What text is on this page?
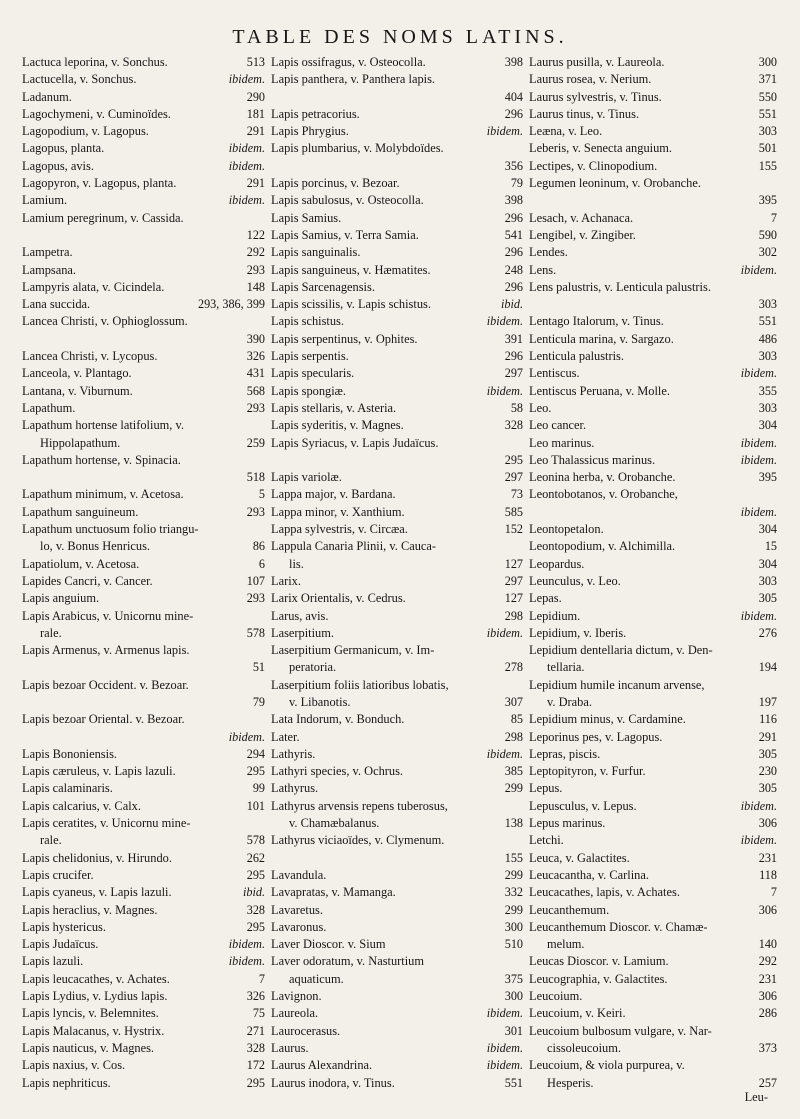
TABLE DES NOMS LATINS.
Lactuca leporina, v. Sonchus.	513
Lactucella, v. Sonchus.	ibidem.
Ladanum.	290
Lagochymeni, v. Cuminoïdes.	181
Lagopodium, v. Lagopus.	291
Lagopus, planta.	ibidem.
Lagopus, avis.	ibidem.
Lagopyron, v. Lagopus, planta.	291
Lamium.	ibidem.
Lamium peregrinum, v. Cassida.
122
Lampetra.	292
Lampsana.	293
Lampyris alata, v. Cicindela.	148
Lana succida.	293, 386, 399
Lancea Christi, v. Ophioglossum.
390
Lancea Christi, v. Lycopus.	326
Lanceola, v. Plantago.	431
Lantana, v. Viburnum.	568
Lapathum.	293
Lapathum hortense latifolium, v.
Hippolapathum.	259
Lapathum hortense, v. Spinacia.
518
Lapathum minimum, v. Acetosa.	5
Lapathum sanguineum.	293
Lapathum unctuosum folio triangu-
lo, v. Bonus Henricus.	86
Lapatiolum, v. Acetosa.	6
Lapides Cancri, v. Cancer.	107
Lapis anguium.	293
Lapis Arabicus, v. Unicornu mine-
rale.	578
Lapis Armenus, v. Armenus lapis.
51
Lapis bezoar Occident. v. Bezoar.
79
Lapis bezoar Oriental. v. Bezoar.
ibidem.
Lapis Bononiensis.	294
Lapis cæruleus, v. Lapis lazuli.	295
Lapis calaminaris.	99
Lapis calcarius, v. Calx.	101
Lapis ceratites, v. Unicornu mine-
rale.	578
Lapis chelidonius, v. Hirundo.	262
Lapis crucifer.	295
Lapis cyaneus, v. Lapis lazuli.	ibid.
Lapis heraclius, v. Magnes.	328
Lapis hystericus.	295
Lapis Judaïcus.	ibidem.
Lapis lazuli.	ibidem.
Lapis leucacathes, v. Achates.	7
Lapis Lydius, v. Lydius lapis.	326
Lapis lyncis, v. Belemnites.	75
Lapis Malacanus, v. Hystrix.	271
Lapis nauticus, v. Magnes.	328
Lapis naxius, v. Cos.	172
Lapis nephriticus.	295
Lapis ossifragus, v. Osteocolla.	398
Lapis panthera, v. Panthera lapis.
404
Lapis petracorius.	296
Lapis Phrygius.	ibidem.
Lapis plumbarius, v. Molybdoïdes.
356
Lapis porcinus, v. Bezoar.	79
Lapis sabulosus, v. Osteocolla.	398
Lapis Samius.	296
Lapis Samius, v. Terra Samia.	541
Lapis sanguinalis.	296
Lapis sanguineus, v. Hæmatites.	248
Lapis Sarcenagensis.	296
Lapis scissilis, v. Lapis schistus.	ibid.
Lapis schistus.	ibidem.
Lapis serpentinus, v. Ophites.	391
Lapis serpentis.	296
Lapis specularis.	297
Lapis spongiæ.	ibidem.
Lapis stellaris, v. Asteria.	58
Lapis syderitis, v. Magnes.	328
Lapis Syriacus, v. Lapis Judaïcus.
295
Lapis variolæ.	297
Lappa major, v. Bardana.	73
Lappa minor, v. Xanthium.	585
Lappa sylvestris, v. Circæa.	152
Lappula Canaria Plinii, v. Cauca-
lis.	127
Larix.	297
Larix Orientalis, v. Cedrus.	127
Larus, avis.	298
Laserpitium.	ibidem.
Laserpitium Germanicum, v. Im-
peratoria.	278
Laserpitium foliis latioribus lobatis,
v. Libanotis.	307
Lata Indorum, v. Bonduch.	85
Later.	298
Lathyris.	ibidem.
Lathyri species, v. Ochrus.	385
Lathyrus.	299
Lathyrus arvensis repens tuberosus,
v. Chamæbalanus.	138
Lathyrus viciaoïdes, v. Clymenum.
155
Lavandula.	299
Lavapratas, v. Mamanga.	332
Lavaretus.	299
Lavaronus.	300
Laver Dioscor. v. Sium	510
Laver odoratum, v. Nasturtium
aquaticum.	375
Lavignon.	300
Laureola.	ibidem.
Laurocerasus.	301
Laurus.	ibidem.
Laurus Alexandrina.	ibidem.
Laurus inodora, v. Tinus.	551
Laurus pusilla, v. Laureola.	300
Laurus rosea, v. Nerium.	371
Laurus sylvestris, v. Tinus.	550
Laurus tinus, v. Tinus.	551
Leæna, v. Leo.	303
Leberis, v. Senecta anguium.	501
Lectipes, v. Clinopodium.	155
Legumen leoninum, v. Orobanche.
395
Lesach, v. Achanaca.	7
Lengibel, v. Zingiber.	590
Lendes.	302
Lens.	ibidem.
Lens palustris, v. Lenticula palustris.
303
Lentago Italorum, v. Tinus.	551
Lenticula marina, v. Sargazo.	486
Lenticula palustris.	303
Lentiscus.	ibidem.
Lentiscus Peruana, v. Molle.	355
Leo.	303
Leo cancer.	304
Leo marinus.	ibidem.
Leo Thalassicus marinus.	ibidem.
Leonina herba, v. Orobanche.	395
Leontobotanos, v. Orobanche,
ibidem.
Leontopetalon.	304
Leontopodium, v. Alchimilla.	15
Leopardus.	304
Leunculus, v. Leo.	303
Lepas.	305
Lepidium.	ibidem.
Lepidium, v. Iberis.	276
Lepidium dentellaria dictum, v. Den-
tellaria.	194
Lepidium humile incanum arvense,
v. Draba.	197
Lepidium minus, v. Cardamine.	116
Leporinus pes, v. Lagopus.	291
Lepras, piscis.	305
Leptopityron, v. Furfur.	230
Lepus.	305
Lepusculus, v. Lepus.	ibidem.
Lepus marinus.	306
Letchi.	ibidem.
Leuca, v. Galactites.	231
Leucacantha, v. Carlina.	118
Leucacathes, lapis, v. Achates.	7
Leucanthemum.	306
Leucanthemum Dioscor. v. Chamæ-
melum.	140
Leucas Dioscor. v. Lamium.	292
Leucographia, v. Galactites.	231
Leucoium.	306
Leucoium, v. Keiri.	286
Leucoium bulbosum vulgare, v. Nar-
cissoleucoium.	373
Leucoium, & viola purpurea, v.
Hesperis.	257
Leu-
